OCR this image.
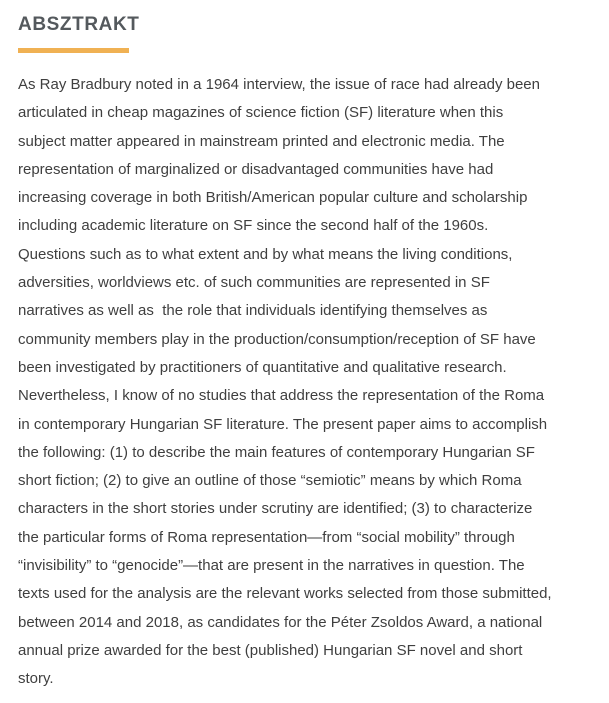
ABSZTRAKT

As Ray Bradbury noted in a 1964 interview, the issue of race had already been
articulated in cheap magazines of science fiction (SF) literature when this
subject matter appeared in mainstream printed and electronic media. The
representation of marginalized or disadvantaged communities have had
increasing coverage in both British/American popular culture and scholarship
including academic literature on SF since the second half of the 1960s.
Questions such as to what extent and by what means the living conditions,
adversities, worldviews etc. of such communities are represented in SF
narratives as well as  the role that individuals identifying themselves as
community members play in the production/consumption/reception of SF have
been investigated by practitioners of quantitative and qualitative research.
Nevertheless, I know of no studies that address the representation of the Roma
in contemporary Hungarian SF literature. The present paper aims to accomplish
the following: (1) to describe the main features of contemporary Hungarian SF
short fiction; (2) to give an outline of those “semiotic” means by which Roma
characters in the short stories under scrutiny are identified; (3) to characterize
the particular forms of Roma representation—from “social mobility” through
“invisibility” to “genocide”—that are present in the narratives in question. The
texts used for the analysis are the relevant works selected from those submitted,
between 2014 and 2018, as candidates for the Péter Zsoldos Award, a national
annual prize awarded for the best (published) Hungarian SF novel and short
story.
